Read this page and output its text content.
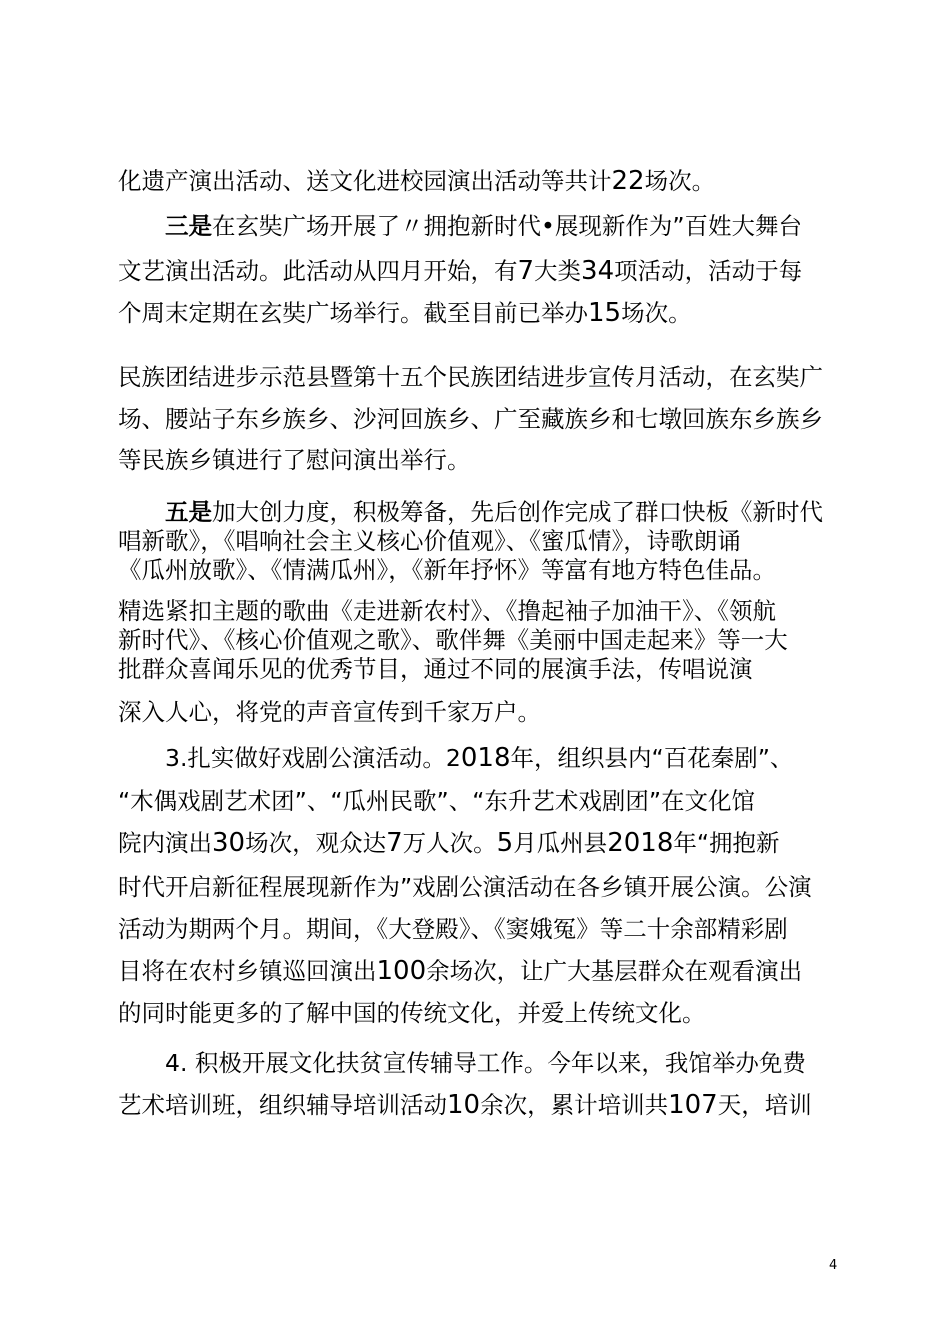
化遗产演出活动、送文化进校园演出活动等共计22场次。
三是在玄奘广场开展了〃拥抱新时代•展现新作为”百姓大舞台
文艺演出活动。此活动从四月开始，有7大类34项活动，活动于每
个周末定期在玄奘广场举行。截至目前已举办15场次。
民族团结进步示范县暨第十五个民族团结进步宣传月活动，在玄奘广
场、腰站子东乡族乡、沙河回族乡、广至藏族乡和七墩回族东乡族乡
等民族乡镇进行了慰问演出举行。
五是加大创力度，积极筹备，先后创作完成了群口快板《新时代
唱新歌》，《唱响社会主义核心价值观》、《蜜瓜情》，诗歌朗诵
《瓜州放歌》、《情满瓜州》，《新年抒怀》等富有地方特色佳品。
精选紧扣主题的歌曲《走进新农村》、《撸起袖子加油干》、《领航
新时代》、《核心价值观之歌》、歌伴舞《美丽中国走起来》等一大
批群众喜闻乐见的优秀节目，通过不同的展演手法，传唱说演
深入人心，将党的声音宣传到千家万户。
3.扎实做好戏剧公演活动。2018年，组织县内“百花秦剧”、
“木偶戏剧艺术团”、“瓜州民歌”、“东升艺术戏剧团”在文化馆
院内演出30场次，观众达7万人次。5月瓜州县2018年“拥抱新
时代开启新征程展现新作为”戏剧公演活动在各乡镇开展公演。公演
活动为期两个月。期间，《大登殿》、《窦娥冤》等二十余部精彩剧
目将在农村乡镇巡回演出100余场次，让广大基层群众在观看演出
的同时能更多的了解中国的传统文化，并爱上传统文化。
4. 积极开展文化扶贫宣传辅导工作。今年以来，我馆举办免费
艺术培训班，组织辅导培训活动10余次，累计培训共107天，培训
4
